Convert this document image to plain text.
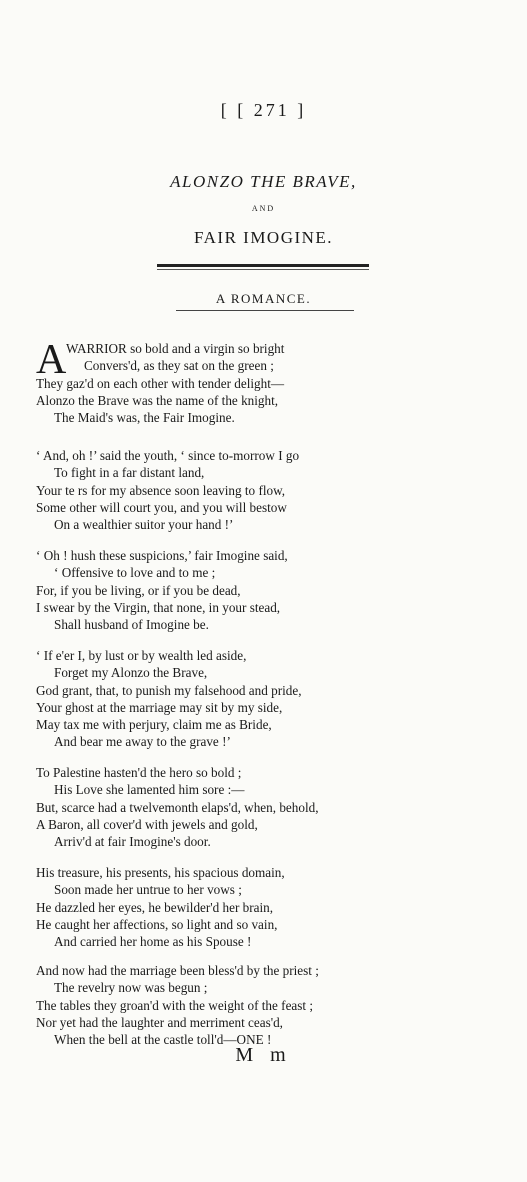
[ [ 271 ]
ALONZO THE BRAVE,
AND
FAIR IMOGINE.
A ROMANCE.
A WARRIOR so bold and a virgin so bright
Convers'd, as they sat on the green ;
They gaz'd on each other with tender delight—
Alonzo the Brave was the name of the knight,
The Maid's was, the Fair Imogine.
‘ And, oh !’ said the youth, ‘ since to-morrow I go
To fight in a far distant land,
Your te rs for my absence soon leaving to flow,
Some other will court you, and you will bestow
On a wealthier suitor your hand !’
‘ Oh ! hush these suspicions,’ fair Imogine said,
‘ Offensive to love and to me ;
For, if you be living, or if you be dead,
I swear by the Virgin, that none, in your stead,
Shall husband of Imogine be.
‘ If e'er I, by lust or by wealth led aside,
Forget my Alonzo the Brave,
God grant, that, to punish my falsehood and pride,
Your ghost at the marriage may sit by my side,
May tax me with perjury, claim me as Bride,
And bear me away to the grave !’
To Palestine hasten'd the hero so bold ;
His Love she lamented him sore :—
But, scarce had a twelvemonth elaps'd, when, behold,
A Baron, all cover'd with jewels and gold,
Arriv'd at fair Imogine's door.
His treasure, his presents, his spacious domain,
Soon made her untrue to her vows ;
He dazzled her eyes, he bewilder'd her brain,
He caught her affections, so light and so vain,
And carried her home as his Spouse !
And now had the marriage been bless'd by the priest ;
The revelry now was begun ;
The tables they groan'd with the weight of the feast ;
Nor yet had the laughter and merriment ceas'd,
When the bell at the castle toll'd—ONE !
M m
